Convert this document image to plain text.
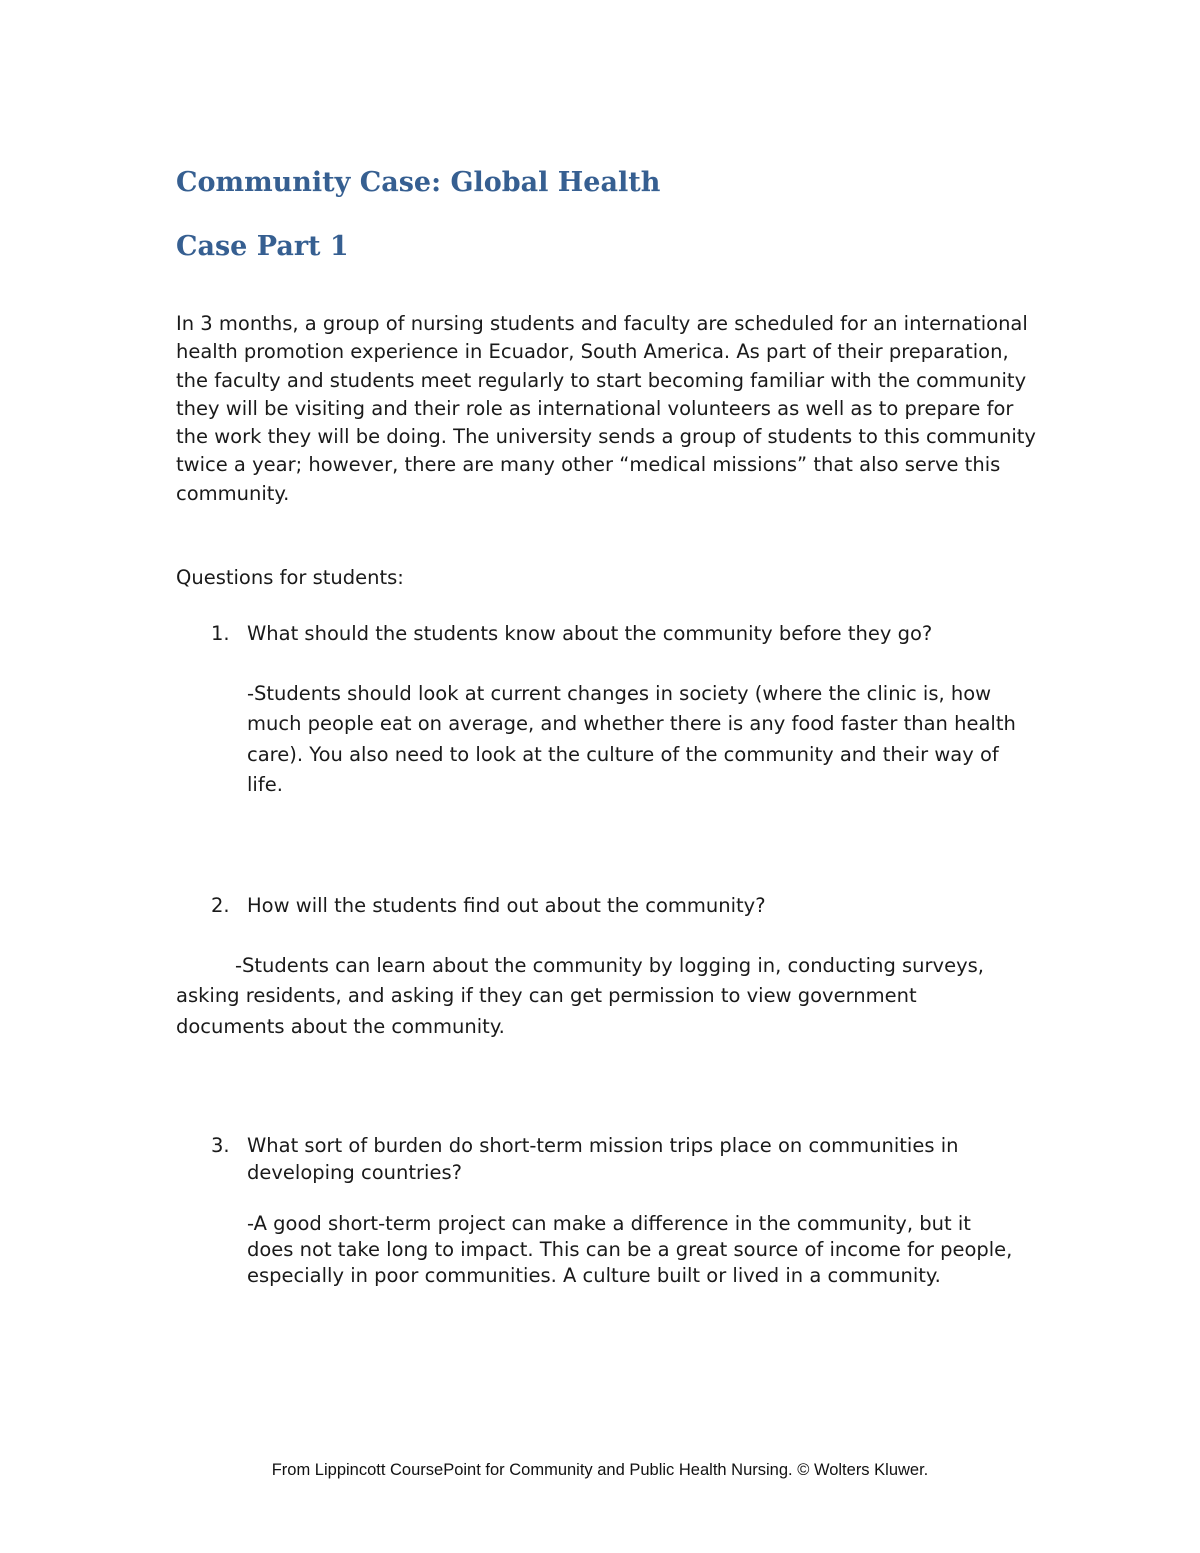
Community Case: Global Health
Case Part 1

In 3 months, a group of nursing students and faculty are scheduled for an international health promotion experience in Ecuador, South America. As part of their preparation, the faculty and students meet regularly to start becoming familiar with the community they will be visiting and their role as international volunteers as well as to prepare for the work they will be doing. The university sends a group of students to this community twice a year; however, there are many other “medical missions” that also serve this community.

Questions for students:

1. What should the students know about the community before they go?

-Students should look at current changes in society (where the clinic is, how much people eat on average, and whether there is any food faster than health care). You also need to look at the culture of the community and their way of life.

2. How will the students find out about the community?

-Students can learn about the community by logging in, conducting surveys, asking residents, and asking if they can get permission to view government documents about the community.

3. What sort of burden do short-term mission trips place on communities in developing countries?

-A good short-term project can make a difference in the community, but it does not take long to impact. This can be a great source of income for people, especially in poor communities. A culture built or lived in a community.

From Lippincott CoursePoint for Community and Public Health Nursing. © Wolters Kluwer.
